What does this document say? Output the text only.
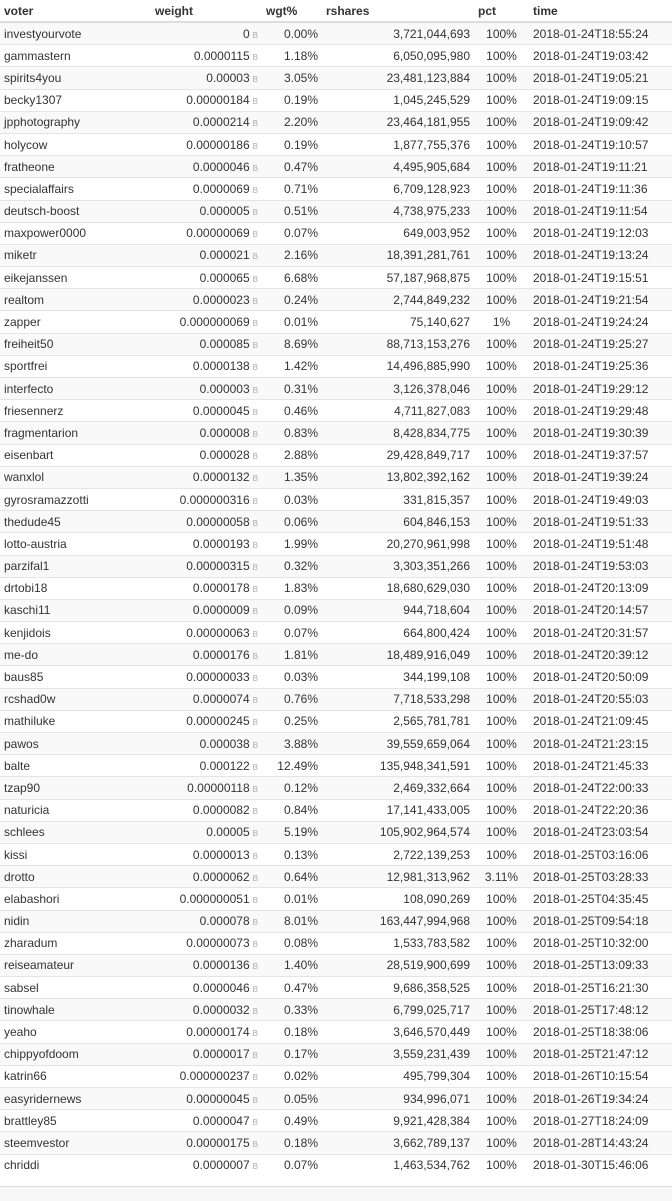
voter	weight	wgt%	rshares	pct	time
investyourvote	0 B	0.00%	3,721,044,693	100%	2018-01-24T18:55:24
gammastern	0.0000115 B	1.18%	6,050,095,980	100%	2018-01-24T19:03:42
spirits4you	0.00003 B	3.05%	23,481,123,884	100%	2018-01-24T19:05:21
becky1307	0.00000184 B	0.19%	1,045,245,529	100%	2018-01-24T19:09:15
jpphotography	0.0000214 B	2.20%	23,464,181,955	100%	2018-01-24T19:09:42
holycow	0.00000186 B	0.19%	1,877,755,376	100%	2018-01-24T19:10:57
fratheone	0.0000046 B	0.47%	4,495,905,684	100%	2018-01-24T19:11:21
specialaffairs	0.0000069 B	0.71%	6,709,128,923	100%	2018-01-24T19:11:36
deutsch-boost	0.000005 B	0.51%	4,738,975,233	100%	2018-01-24T19:11:54
maxpower0000	0.00000069 B	0.07%	649,003,952	100%	2018-01-24T19:12:03
miketr	0.000021 B	2.16%	18,391,281,761	100%	2018-01-24T19:13:24
eikejanssen	0.000065 B	6.68%	57,187,968,875	100%	2018-01-24T19:15:51
realtom	0.0000023 B	0.24%	2,744,849,232	100%	2018-01-24T19:21:54
zapper	0.000000069 B	0.01%	75,140,627	1%	2018-01-24T19:24:24
freiheit50	0.000085 B	8.69%	88,713,153,276	100%	2018-01-24T19:25:27
sportfrei	0.0000138 B	1.42%	14,496,885,990	100%	2018-01-24T19:25:36
interfecto	0.000003 B	0.31%	3,126,378,046	100%	2018-01-24T19:29:12
friesennerz	0.0000045 B	0.46%	4,711,827,083	100%	2018-01-24T19:29:48
fragmentarion	0.000008 B	0.83%	8,428,834,775	100%	2018-01-24T19:30:39
eisenbart	0.000028 B	2.88%	29,428,849,717	100%	2018-01-24T19:37:57
wanxlol	0.0000132 B	1.35%	13,802,392,162	100%	2018-01-24T19:39:24
gyrosramazzotti	0.000000316 B	0.03%	331,815,357	100%	2018-01-24T19:49:03
thedude45	0.00000058 B	0.06%	604,846,153	100%	2018-01-24T19:51:33
lotto-austria	0.0000193 B	1.99%	20,270,961,998	100%	2018-01-24T19:51:48
parzifal1	0.00000315 B	0.32%	3,303,351,266	100%	2018-01-24T19:53:03
drtobi18	0.0000178 B	1.83%	18,680,629,030	100%	2018-01-24T20:13:09
kaschi11	0.0000009 B	0.09%	944,718,604	100%	2018-01-24T20:14:57
kenjidois	0.00000063 B	0.07%	664,800,424	100%	2018-01-24T20:31:57
me-do	0.0000176 B	1.81%	18,489,916,049	100%	2018-01-24T20:39:12
baus85	0.00000033 B	0.03%	344,199,108	100%	2018-01-24T20:50:09
rcshad0w	0.0000074 B	0.76%	7,718,533,298	100%	2018-01-24T20:55:03
mathiluke	0.00000245 B	0.25%	2,565,781,781	100%	2018-01-24T21:09:45
pawos	0.000038 B	3.88%	39,559,659,064	100%	2018-01-24T21:23:15
balte	0.000122 B	12.49%	135,948,341,591	100%	2018-01-24T21:45:33
tzap90	0.00000118 B	0.12%	2,469,332,664	100%	2018-01-24T22:00:33
naturicia	0.0000082 B	0.84%	17,141,433,005	100%	2018-01-24T22:20:36
schlees	0.00005 B	5.19%	105,902,964,574	100%	2018-01-24T23:03:54
kissi	0.0000013 B	0.13%	2,722,139,253	100%	2018-01-25T03:16:06
drotto	0.0000062 B	0.64%	12,981,313,962	3.11%	2018-01-25T03:28:33
elabashori	0.000000051 B	0.01%	108,090,269	100%	2018-01-25T04:35:45
nidin	0.000078 B	8.01%	163,447,994,968	100%	2018-01-25T09:54:18
zharadum	0.00000073 B	0.08%	1,533,783,582	100%	2018-01-25T10:32:00
reiseamateur	0.0000136 B	1.40%	28,519,900,699	100%	2018-01-25T13:09:33
sabsel	0.0000046 B	0.47%	9,686,358,525	100%	2018-01-25T16:21:30
tinowhale	0.0000032 B	0.33%	6,799,025,717	100%	2018-01-25T17:48:12
yeaho	0.00000174 B	0.18%	3,646,570,449	100%	2018-01-25T18:38:06
chippyofdoom	0.0000017 B	0.17%	3,559,231,439	100%	2018-01-25T21:47:12
katrin66	0.000000237 B	0.02%	495,799,304	100%	2018-01-26T10:15:54
easyridernews	0.00000045 B	0.05%	934,996,071	100%	2018-01-26T19:34:24
brattley85	0.0000047 B	0.49%	9,921,428,384	100%	2018-01-27T18:24:09
steemvestor	0.00000175 B	0.18%	3,662,789,137	100%	2018-01-28T14:43:24
chriddi	0.0000007 B	0.07%	1,463,534,762	100%	2018-01-30T15:46:06
